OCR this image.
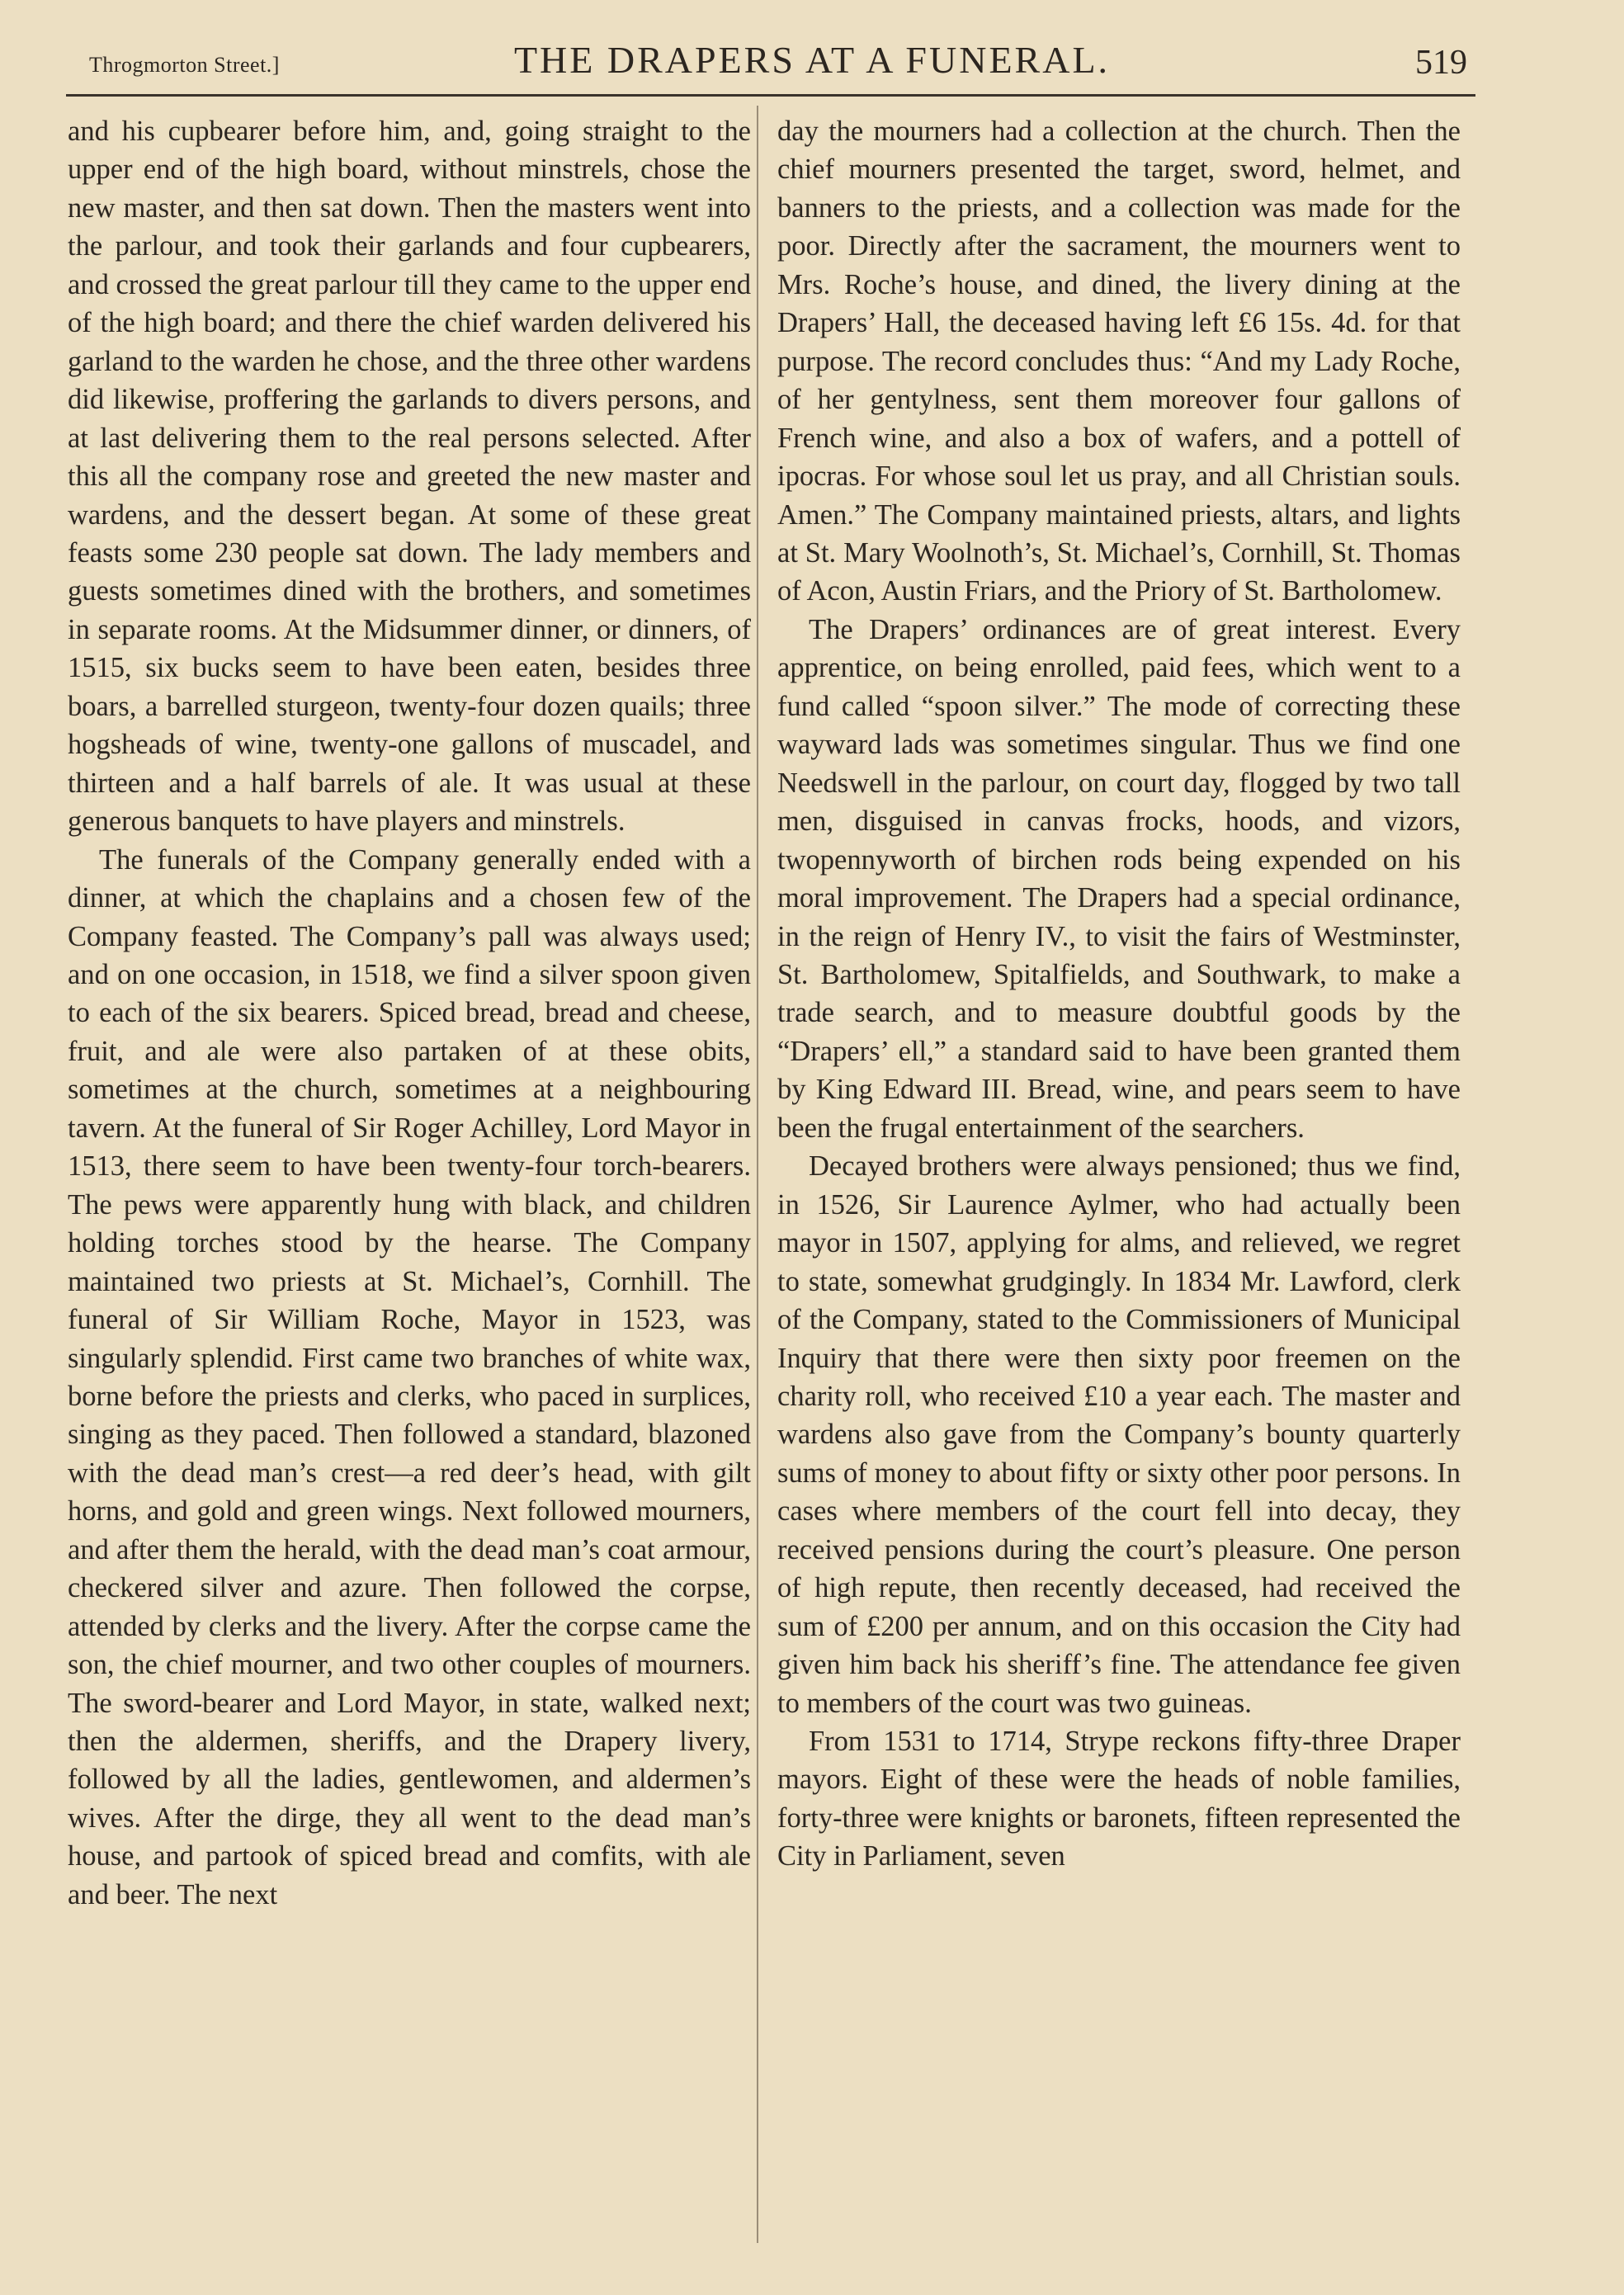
Throgmorton Street.]	THE DRAPERS AT A FUNERAL.	519

and his cupbearer before him, and, going straight to the upper end of the high board, without minstrels, chose the new master, and then sat down. Then the masters went into the parlour, and took their garlands and four cupbearers, and crossed the great parlour till they came to the upper end of the high board; and there the chief warden delivered his garland to the warden he chose, and the three other wardens did likewise, proffering the garlands to divers persons, and at last delivering them to the real persons selected. After this all the company rose and greeted the new master and wardens, and the dessert began. At some of these great feasts some 230 people sat down. The lady members and guests sometimes dined with the brothers, and sometimes in separate rooms. At the Midsummer dinner, or dinners, of 1515, six bucks seem to have been eaten, besides three boars, a barrelled sturgeon, twenty-four dozen quails; three hogsheads of wine, twenty-one gallons of muscadel, and thirteen and a half barrels of ale. It was usual at these generous banquets to have players and minstrels.

The funerals of the Company generally ended with a dinner, at which the chaplains and a chosen few of the Company feasted. The Company’s pall was always used; and on one occasion, in 1518, we find a silver spoon given to each of the six bearers. Spiced bread, bread and cheese, fruit, and ale were also partaken of at these obits, sometimes at the church, sometimes at a neighbouring tavern. At the funeral of Sir Roger Achilley, Lord Mayor in 1513, there seem to have been twenty-four torch-bearers. The pews were apparently hung with black, and children holding torches stood by the hearse. The Company maintained two priests at St. Michael’s, Cornhill. The funeral of Sir William Roche, Mayor in 1523, was singularly splendid. First came two branches of white wax, borne before the priests and clerks, who paced in surplices, singing as they paced. Then followed a standard, blazoned with the dead man’s crest—a red deer’s head, with gilt horns, and gold and green wings. Next followed mourners, and after them the herald, with the dead man’s coat armour, checkered silver and azure. Then followed the corpse, attended by clerks and the livery. After the corpse came the son, the chief mourner, and two other couples of mourners. The sword-bearer and Lord Mayor, in state, walked next; then the aldermen, sheriffs, and the Drapery livery, followed by all the ladies, gentlewomen, and aldermen’s wives. After the dirge, they all went to the dead man’s house, and partook of spiced bread and comfits, with ale and beer. The next

day the mourners had a collection at the church. Then the chief mourners presented the target, sword, helmet, and banners to the priests, and a collection was made for the poor. Directly after the sacrament, the mourners went to Mrs. Roche’s house, and dined, the livery dining at the Drapers’ Hall, the deceased having left £6 15s. 4d. for that purpose. The record concludes thus: “And my Lady Roche, of her gentylness, sent them moreover four gallons of French wine, and also a box of wafers, and a pottell of ipocras. For whose soul let us pray, and all Christian souls. Amen.” The Company maintained priests, altars, and lights at St. Mary Woolnoth’s, St. Michael’s, Cornhill, St. Thomas of Acon, Austin Friars, and the Priory of St. Bartholomew.

The Drapers’ ordinances are of great interest. Every apprentice, on being enrolled, paid fees, which went to a fund called “spoon silver.” The mode of correcting these wayward lads was sometimes singular. Thus we find one Needswell in the parlour, on court day, flogged by two tall men, disguised in canvas frocks, hoods, and vizors, twopennyworth of birchen rods being expended on his moral improvement. The Drapers had a special ordinance, in the reign of Henry IV., to visit the fairs of Westminster, St. Bartholomew, Spitalfields, and Southwark, to make a trade search, and to measure doubtful goods by the “Drapers’ ell,” a standard said to have been granted them by King Edward III. Bread, wine, and pears seem to have been the frugal entertainment of the searchers.

Decayed brothers were always pensioned; thus we find, in 1526, Sir Laurence Aylmer, who had actually been mayor in 1507, applying for alms, and relieved, we regret to state, somewhat grudgingly. In 1834 Mr. Lawford, clerk of the Company, stated to the Commissioners of Municipal Inquiry that there were then sixty poor freemen on the charity roll, who received £10 a year each. The master and wardens also gave from the Company’s bounty quarterly sums of money to about fifty or sixty other poor persons. In cases where members of the court fell into decay, they received pensions during the court’s pleasure. One person of high repute, then recently deceased, had received the sum of £200 per annum, and on this occasion the City had given him back his sheriff’s fine. The attendance fee given to members of the court was two guineas.

From 1531 to 1714, Strype reckons fifty-three Draper mayors. Eight of these were the heads of noble families, forty-three were knights or baronets, fifteen represented the City in Parliament, seven
